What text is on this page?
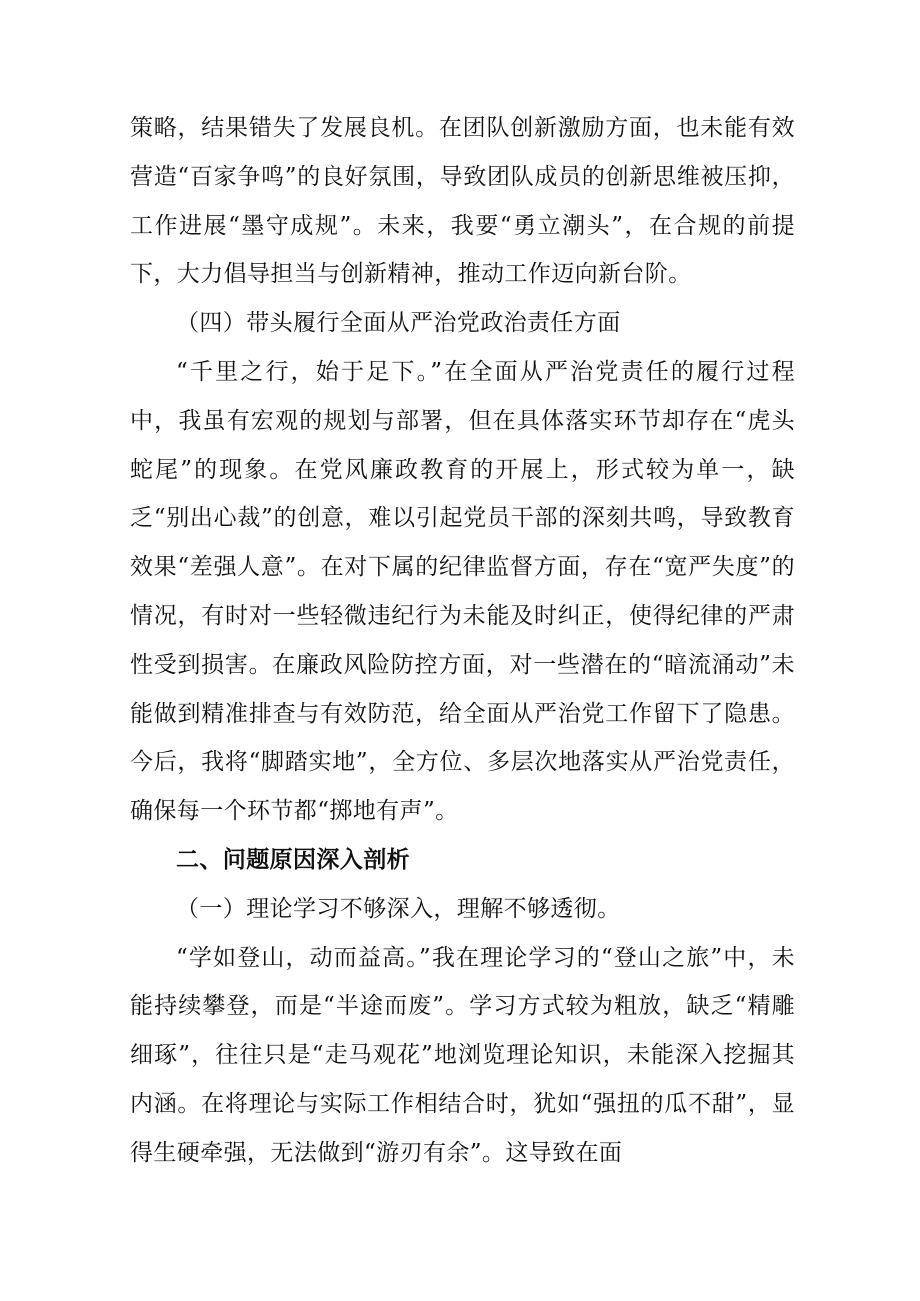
策略，结果错失了发展良机。在团队创新激励方面，也未能有效营造“百家争鸣”的良好氛围，导致团队成员的创新思维被压抑，工作进展“墨守成规”。未来，我要“勇立潮头”，在合规的前提下，大力倡导担当与创新精神，推动工作迈向新台阶。

（四）带头履行全面从严治党政治责任方面

“千里之行，始于足下。”在全面从严治党责任的履行过程中，我虽有宏观的规划与部署，但在具体落实环节却存在“虎头蛇尾”的现象。在党风廉政教育的开展上，形式较为单一，缺乏“别出心裁”的创意，难以引起党员干部的深刻共鸣，导致教育效果“差强人意”。在对下属的纪律监督方面，存在“宽严失度”的情况，有时对一些轻微违纪行为未能及时纠正，使得纪律的严肃性受到损害。在廉政风险防控方面，对一些潜在的“暗流涌动”未能做到精准排查与有效防范，给全面从严治党工作留下了隐患。今后，我将“脚踏实地”，全方位、多层次地落实从严治党责任，确保每一个环节都“掷地有声”。

二、问题原因深入剖析

（一）理论学习不够深入，理解不够透彻。

“学如登山，动而益高。”我在理论学习的“登山之旅”中，未能持续攀登，而是“半途而废”。学习方式较为粗放，缺乏“精雕细琢”，往往只是“走马观花”地浏览理论知识，未能深入挖掘其内涵。在将理论与实际工作相结合时，犹如“强扭的瓜不甜”，显得生硬牵强，无法做到“游刃有余”。这导致在面
